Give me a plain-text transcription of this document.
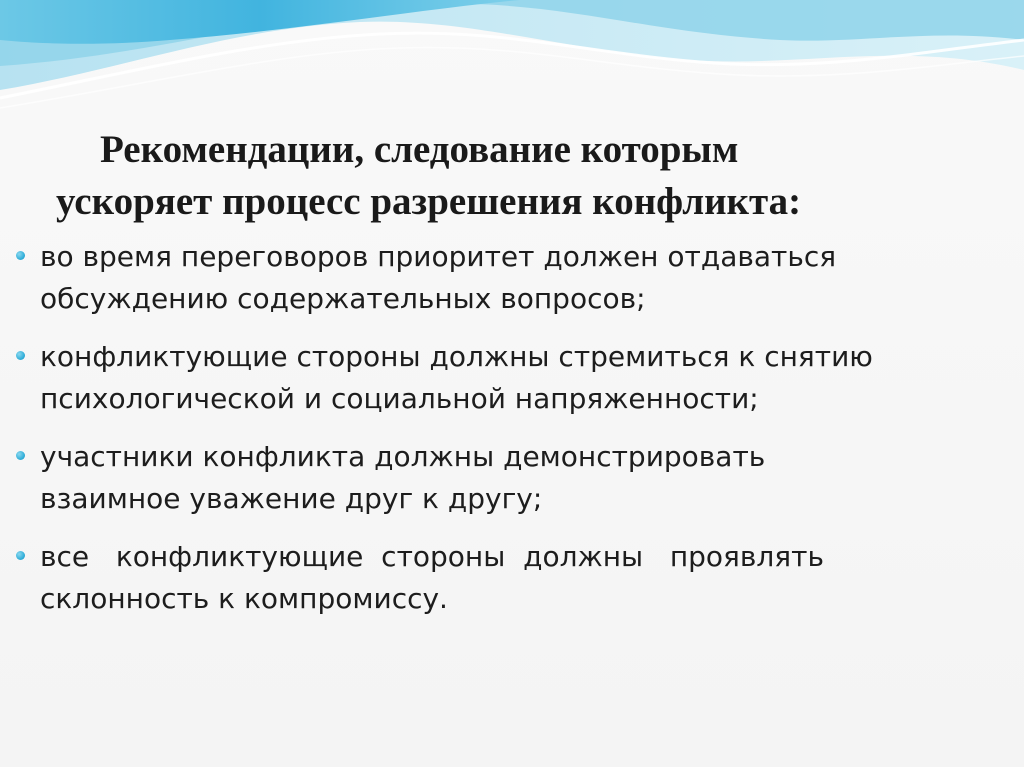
Рекомендации, следование которым
ускоряет процесс разрешения конфликта:
во время переговоров приоритет должен отдаваться
обсуждению содержательных вопросов;
конфликтующие стороны должны стремиться к снятию
психологической и социальной напряженности;
участники конфликта должны демонстрировать
взаимное уважение друг к другу;
все   конфликтующие  стороны  должны   проявлять
склонность к компромиссу.
